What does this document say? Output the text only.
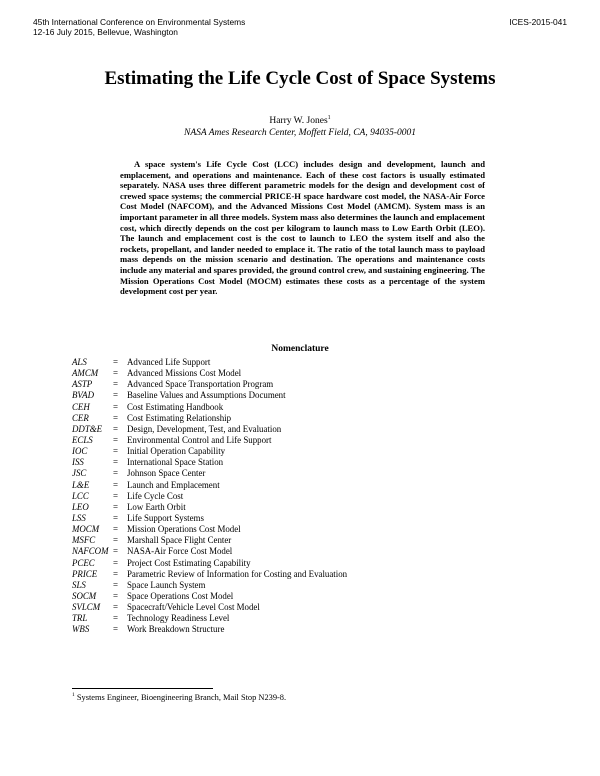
45th International Conference on Environmental Systems
12-16 July 2015, Bellevue, Washington
ICES-2015-041
Estimating the Life Cycle Cost of Space Systems
Harry W. Jones$^1$
NASA Ames Research Center, Moffett Field, CA, 94035-0001

A space system's Life Cycle Cost (LCC) includes design and development, launch and emplacement, and operations and maintenance. Each of these cost factors is usually estimated separately. NASA uses three different parametric models for the design and development cost of crewed space systems; the commercial PRICE-H space hardware cost model, the NASA-Air Force Cost Model (NAFCOM), and the Advanced Missions Cost Model (AMCM). System mass is an important parameter in all three models. System mass also determines the launch and emplacement cost, which directly depends on the cost per kilogram to launch mass to Low Earth Orbit (LEO). The launch and emplacement cost is the cost to launch to LEO the system itself and also the rockets, propellant, and lander needed to emplace it. The ratio of the total launch mass to payload mass depends on the mission scenario and destination. The operations and maintenance costs include any material and spares provided, the ground control crew, and sustaining engineering. The Mission Operations Cost Model (MOCM) estimates these costs as a percentage of the system development cost per year.

Nomenclature
ALS	= Advanced Life Support
AMCM = Advanced Missions Cost Model
ASTP = Advanced Space Transportation Program
BVAD = Baseline Values and Assumptions Document
CEH	= Cost Estimating Handbook
CER	= Cost Estimating Relationship
DDT&E = Design, Development, Test, and Evaluation
ECLS = Environmental Control and Life Support
IOC	= Initial Operation Capability
ISS	= International Space Station
JSC	= Johnson Space Center
L&E	= Launch and Emplacement
LCC	= Life Cycle Cost
LEO	= Low Earth Orbit
LSS	= Life Support Systems
MOCM = Mission Operations Cost Model
MSFC = Marshall Space Flight Center
NAFCOM = NASA-Air Force Cost Model
PCEC = Project Cost Estimating Capability
PRICE = Parametric Review of Information for Costing and Evaluation
SLS	= Space Launch System
SOCM = Space Operations Cost Model
SVLCM = Spacecraft/Vehicle Level Cost Model
TRL	= Technology Readiness Level
WBS	= Work Breakdown Structure
$^1$ Systems Engineer, Bioengineering Branch, Mail Stop N239-8.
